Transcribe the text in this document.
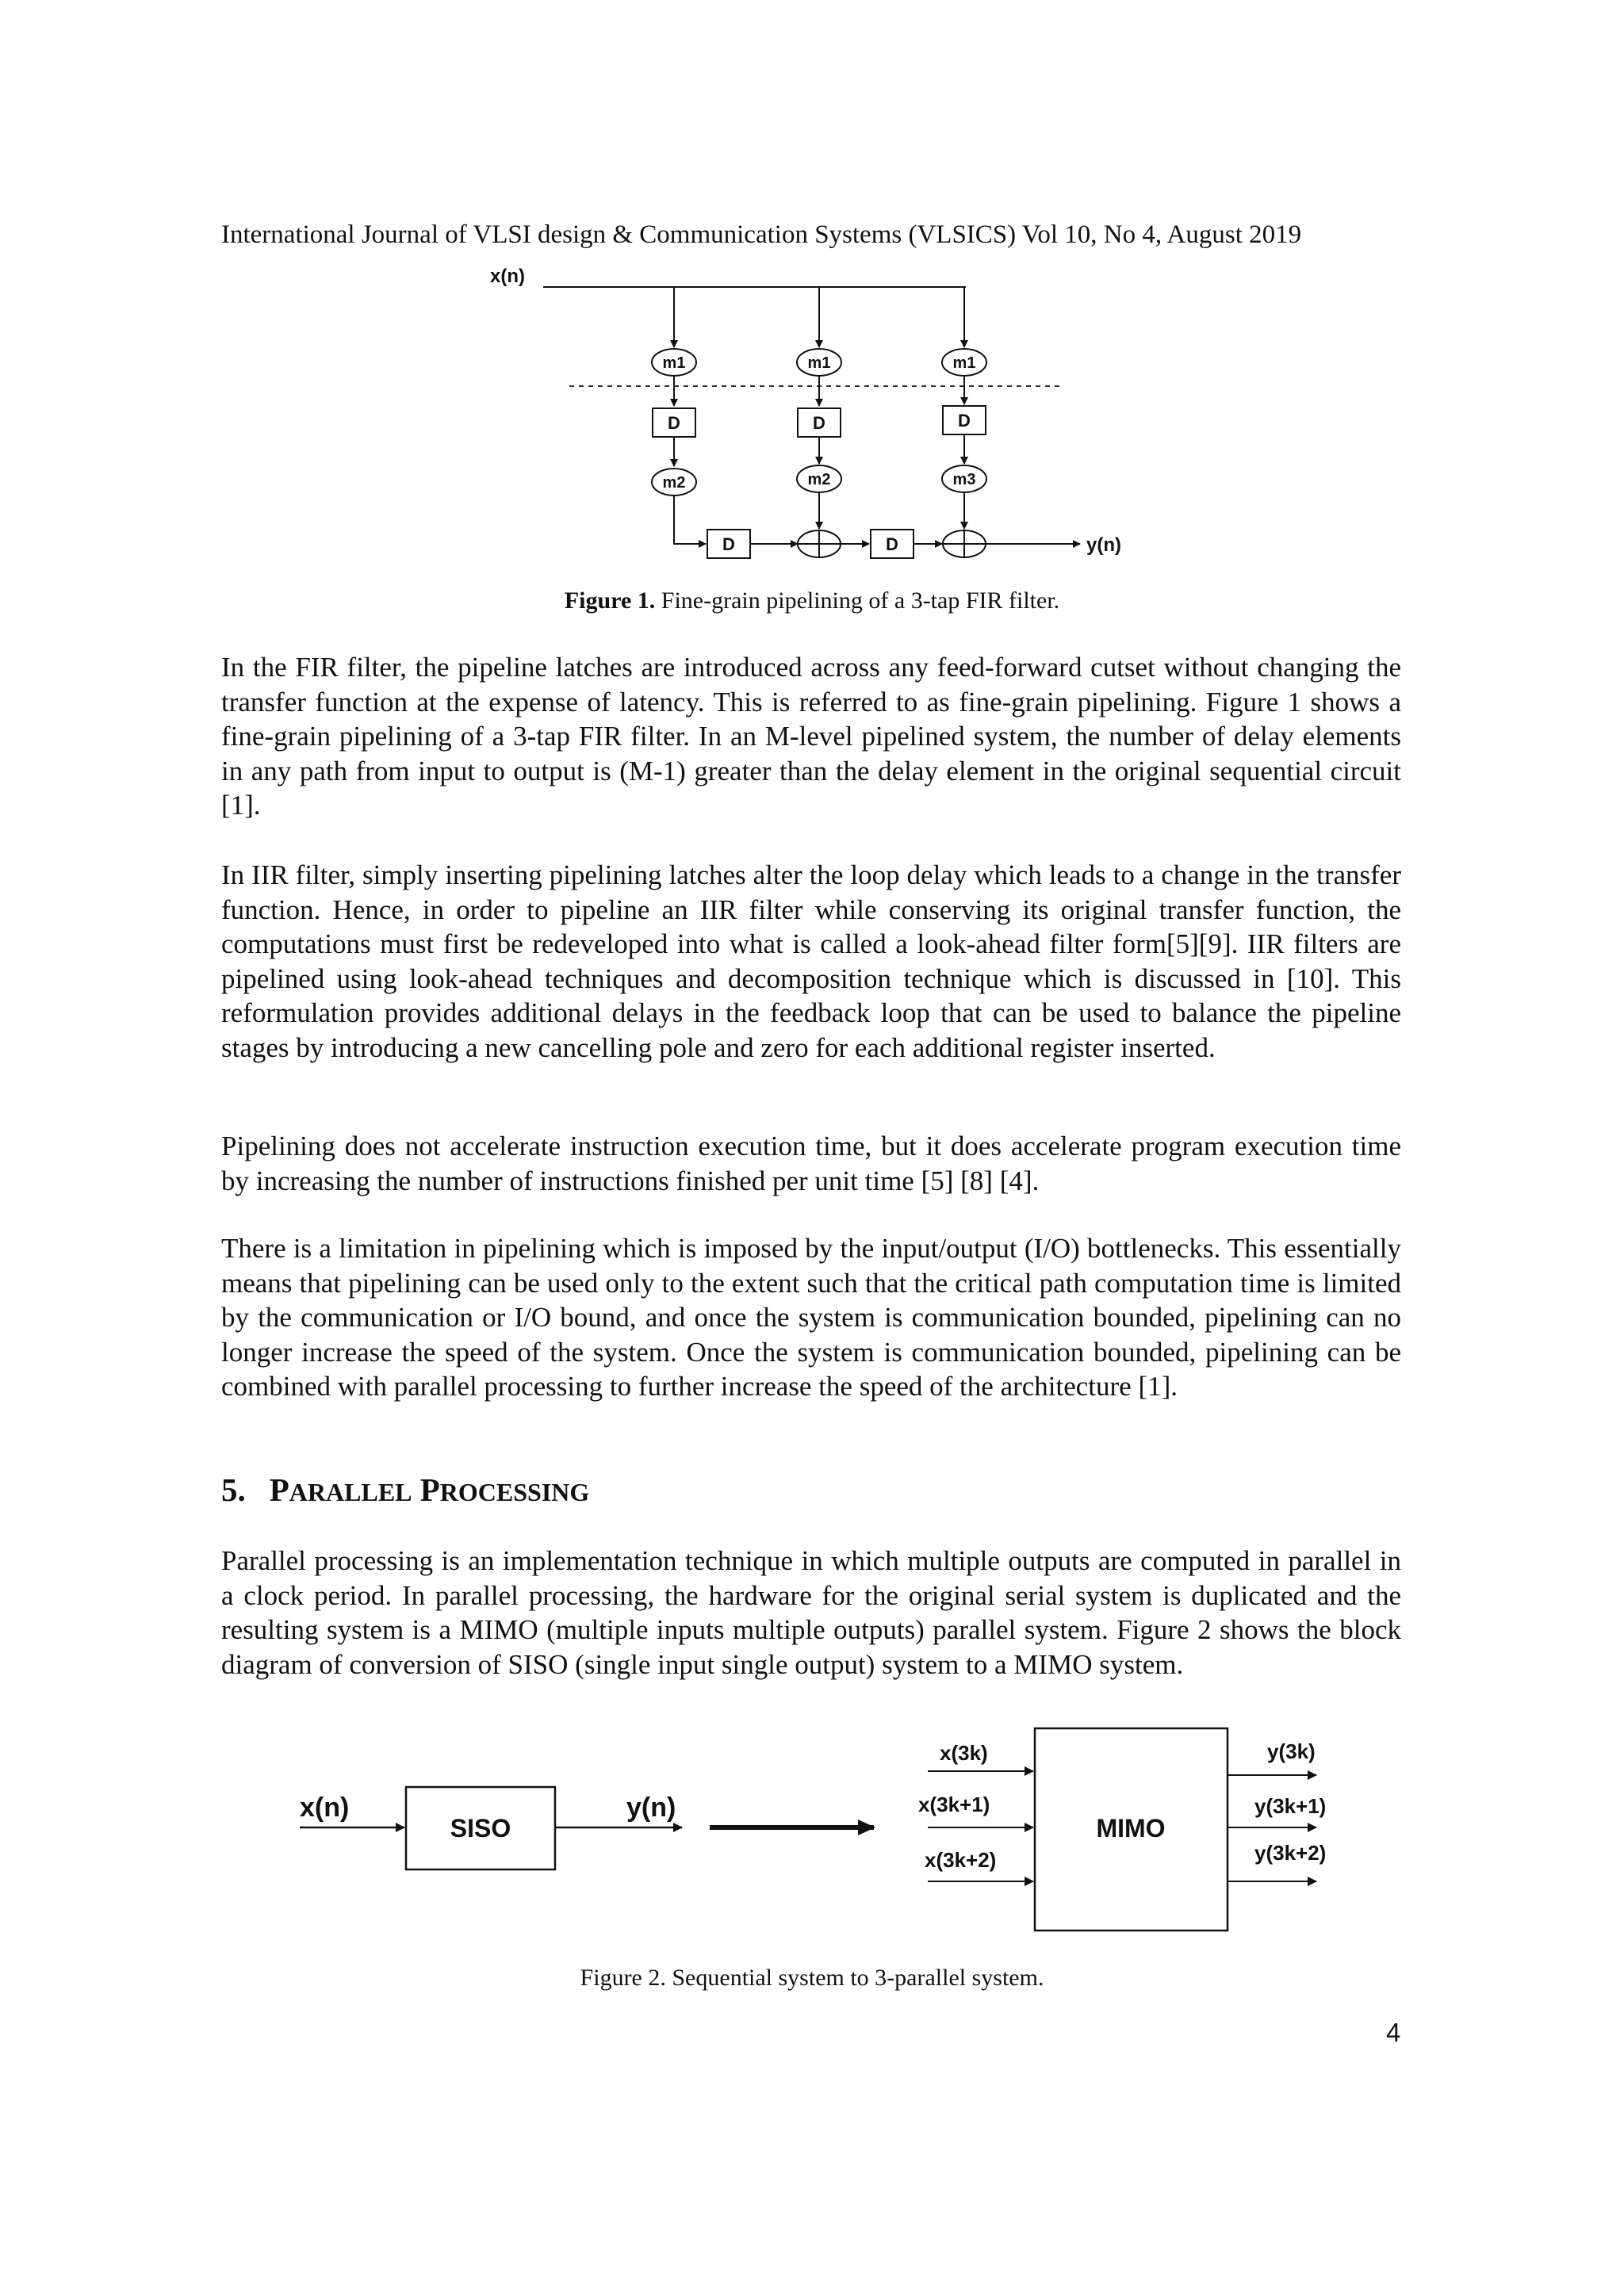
International Journal of VLSI design & Communication Systems (VLSICS) Vol 10, No 4, August 2019
x(n)
m1	m1	m1
D	D	D
m2	m2	m3
D	D	y(n)
Figure 1. Fine-grain pipelining of a 3-tap FIR filter.

In the FIR filter, the pipeline latches are introduced across any feed-forward cutset without changing the transfer function at the expense of latency. This is referred to as fine-grain pipelining. Figure 1 shows a fine-grain pipelining of a 3-tap FIR filter. In an M-level pipelined system, the number of delay elements in any path from input to output is (M-1) greater than the delay element in the original sequential circuit [1].

In IIR filter, simply inserting pipelining latches alter the loop delay which leads to a change in the transfer function. Hence, in order to pipeline an IIR filter while conserving its original transfer function, the computations must first be redeveloped into what is called a look-ahead filter form[5][9]. IIR filters are pipelined using look-ahead techniques and decomposition technique which is discussed in [10]. This reformulation provides additional delays in the feedback loop that can be used to balance the pipeline stages by introducing a new cancelling pole and zero for each additional register inserted.

Pipelining does not accelerate instruction execution time, but it does accelerate program execution time by increasing the number of instructions finished per unit time [5] [8] [4].

There is a limitation in pipelining which is imposed by the input/output (I/O) bottlenecks. This essentially means that pipelining can be used only to the extent such that the critical path computation time is limited by the communication or I/O bound, and once the system is communication bounded, pipelining can no longer increase the speed of the system. Once the system is communication bounded, pipelining can be combined with parallel processing to further increase the speed of the architecture [1].

5. PARALLEL PROCESSING

Parallel processing is an implementation technique in which multiple outputs are computed in parallel in a clock period. In parallel processing, the hardware for the original serial system is duplicated and the resulting system is a MIMO (multiple inputs multiple outputs) parallel system. Figure 2 shows the block diagram of conversion of SISO (single input single output) system to a MIMO system.

x(n)
SISO
y(n)
MIMO
x(3k)
x(3k+1)
x(3k+2)
y(3k)
y(3k+1)
y(3k+2)
Figure 2. Sequential system to 3-parallel system.
4
